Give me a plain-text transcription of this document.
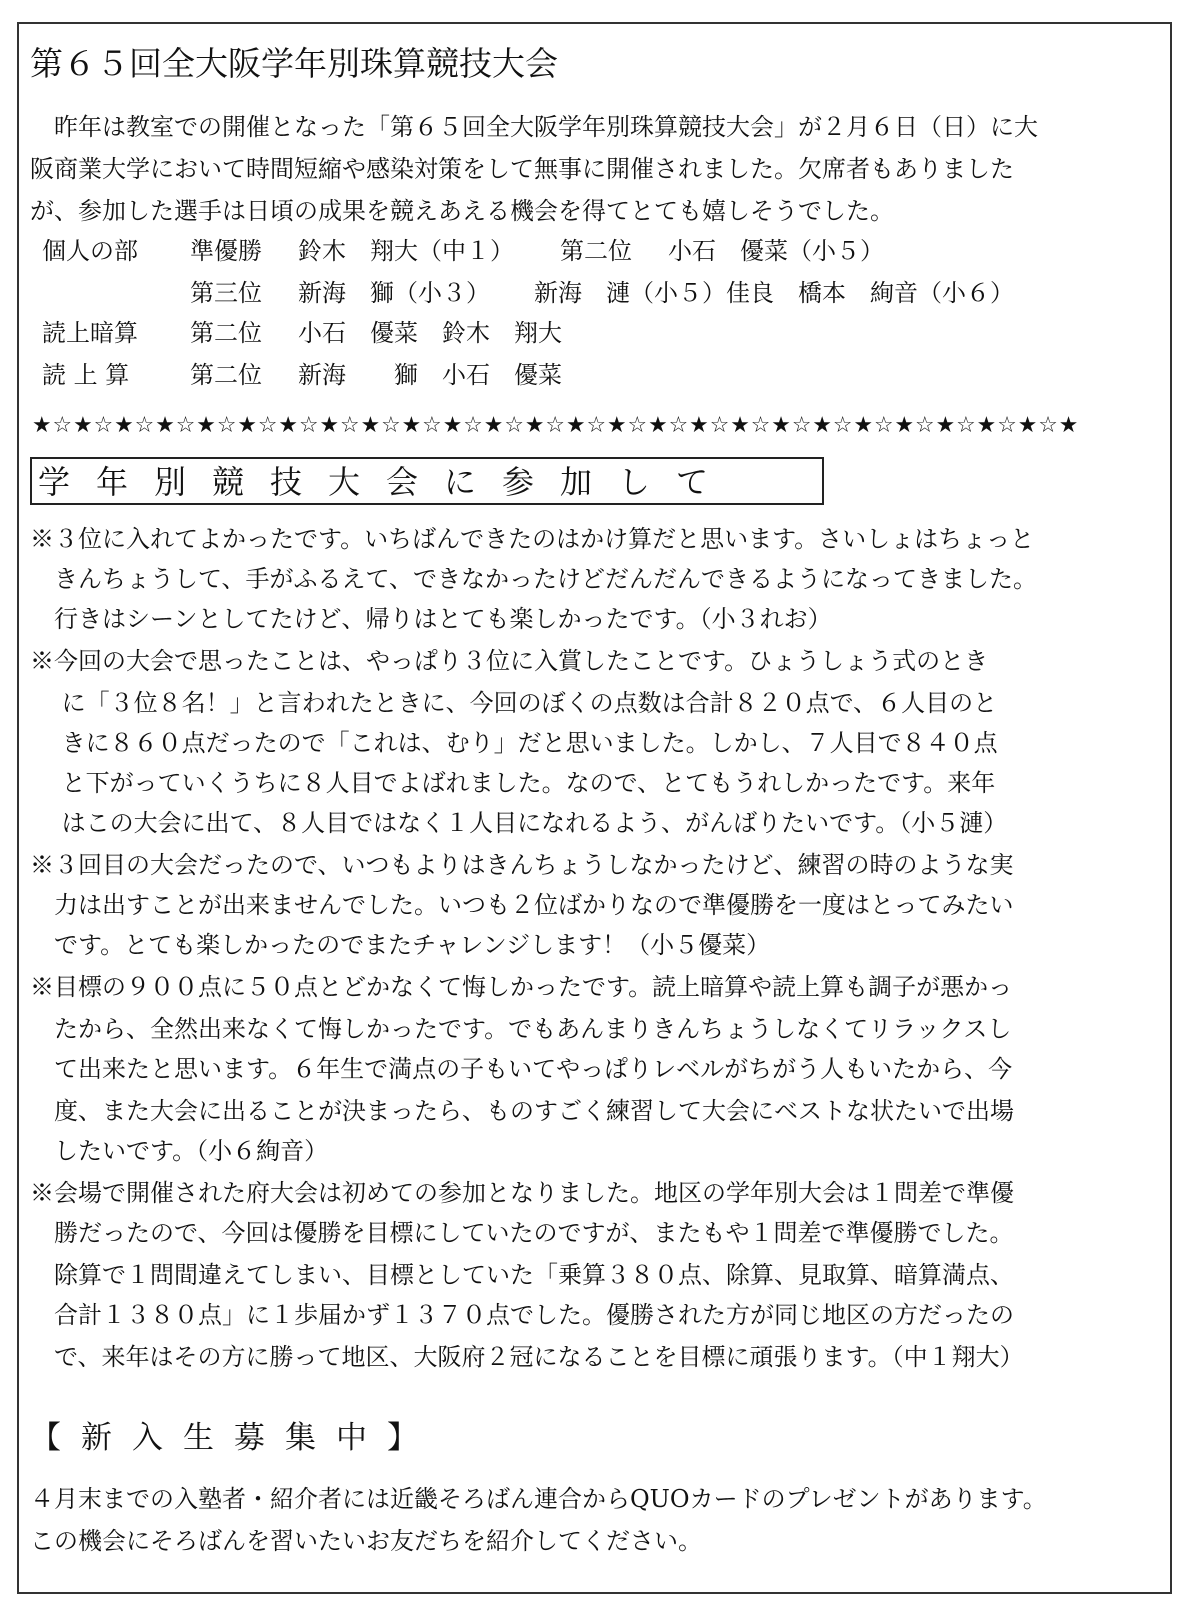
第６５回全大阪学年別珠算競技大会
　昨年は教室での開催となった「第６５回全大阪学年別珠算競技大会」が２月６日（日）に大
阪商業大学において時間短縮や感染対策をして無事に開催されました。欠席者もありました
が、参加した選手は日頃の成果を競えあえる機会を得てとても嬉しそうでした。
個人の部 準優勝 鈴木　翔大（中１） 第二位 小石　優菜（小５）
第三位 新海　獅（小３） 新海　漣（小５）佳良　橋本　絢音（小６）
読上暗算 第二位 小石　優菜　鈴木　翔大
読 上 算	第二位 新海　　獅　小石　優菜
★☆★☆★☆★☆★☆★☆★☆★☆★☆★☆★☆★☆★☆★☆★☆★☆★☆★☆★☆★☆★☆★☆★☆★☆★☆★
学年別競技大会に参加して
※３位に入れてよかったです。いちばんできたのはかけ算だと思います。さいしょはちょっと
　きんちょうして、手がふるえて、できなかったけどだんだんできるようになってきました。
　行きはシーンとしてたけど、帰りはとても楽しかったです。（小３れお）
※今回の大会で思ったことは、やっぱり３位に入賞したことです。ひょうしょう式のとき
　 に「３位８名！」と言われたときに、今回のぼくの点数は合計８２０点で、６人目のと
　 きに８６０点だったので「これは、むり」だと思いました。しかし、７人目で８４０点
　 と下がっていくうちに８人目でよばれました。なので、とてもうれしかったです。来年
　 はこの大会に出て、８人目ではなく１人目になれるよう、がんばりたいです。（小５漣）
※３回目の大会だったので、いつもよりはきんちょうしなかったけど、練習の時のような実
　力は出すことが出来ませんでした。いつも２位ばかりなので準優勝を一度はとってみたい
　です。とても楽しかったのでまたチャレンジします！（小５優菜）
※目標の９００点に５０点とどかなくて悔しかったです。読上暗算や読上算も調子が悪かっ
　たから、全然出来なくて悔しかったです。でもあんまりきんちょうしなくてリラックスし
　て出来たと思います。６年生で満点の子もいてやっぱりレベルがちがう人もいたから、今
　度、また大会に出ることが決まったら、ものすごく練習して大会にベストな状たいで出場
　したいです。（小６絢音）
※会場で開催された府大会は初めての参加となりました。地区の学年別大会は１問差で準優
　勝だったので、今回は優勝を目標にしていたのですが、またもや１問差で準優勝でした。
　除算で１問間違えてしまい、目標としていた「乗算３８０点、除算、見取算、暗算満点、
　合計１３８０点」に１歩届かず１３７０点でした。優勝された方が同じ地区の方だったの
　で、来年はその方に勝って地区、大阪府２冠になることを目標に頑張ります。（中１翔大）
【新入生募集中】
４月末までの入塾者・紹介者には近畿そろばん連合からQUOカードのプレゼントがあります。
この機会にそろばんを習いたいお友だちを紹介してください。
